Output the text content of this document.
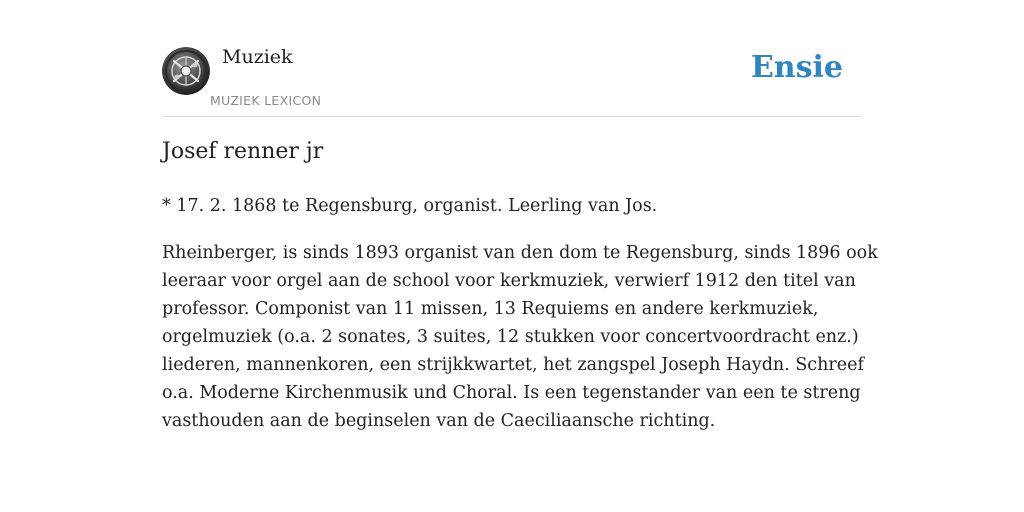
Muziek
MUZIEK LEXICON
Ensie
Josef renner jr

* 17. 2. 1868 te Regensburg, organist. Leerling van Jos.

Rheinberger, is sinds 1893 organist van den dom te Regensburg, sinds 1896 ook
leeraar voor orgel aan de school voor kerkmuziek, verwierf 1912 den titel van
professor. Componist van 11 missen, 13 Requiems en andere kerkmuziek,
orgelmuziek (o.a. 2 sonates, 3 suites, 12 stukken voor concertvoordracht enz.)
liederen, mannenkoren, een strijkkwartet, het zangspel Joseph Haydn. Schreef
o.a. Moderne Kirchenmusik und Choral. Is een tegenstander van een te streng
vasthouden aan de beginselen van de Caeciliaansche richting.
